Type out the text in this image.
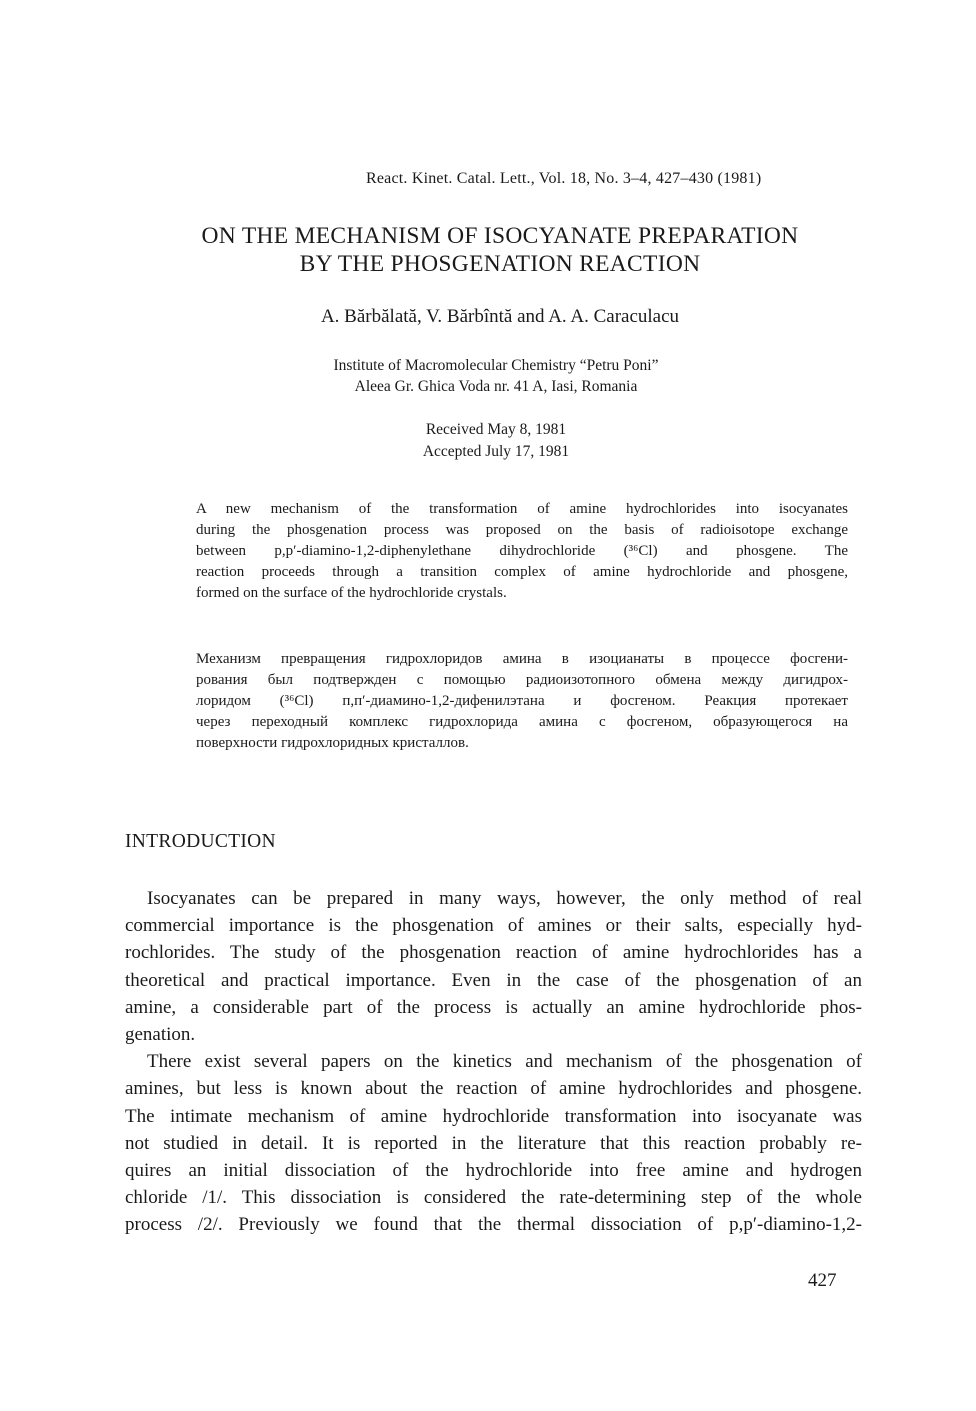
React. Kinet. Catal. Lett., Vol. 18, No. 3–4, 427–430 (1981)
ON THE MECHANISM OF ISOCYANATE PREPARATION
BY THE PHOSGENATION REACTION
A. Bărbălată, V. Bărbîntă and A. A. Caraculacu
Institute of Macromolecular Chemistry “Petru Poni”
Aleea Gr. Ghica Voda nr. 41 A, Iasi, Romania
Received May 8, 1981
Accepted July 17, 1981
A new mechanism of the transformation of amine hydrochlorides into isocyanates
during the phosgenation process was proposed on the basis of radioisotope exchange
between p,p′-diamino-1,2-diphenylethane dihydrochloride (³⁶Cl) and phosgene. The
reaction proceeds through a transition complex of amine hydrochloride and phosgene,
formed on the surface of the hydrochloride crystals.
Механизм превращения гидрохлоридов амина в изоцианаты в процессе фосгени-
рования был подтвержден с помощью радиоизотопного обмена между дигидрох-
лоридом (³⁶Cl) п,п′-диамино-1,2-дифенилэтана и фосгеном. Реакция протекает
через переходный комплекс гидрохлорида амина с фосгеном, образующегося на
поверхности гидрохлоридных кристаллов.
INTRODUCTION
Isocyanates can be prepared in many ways, however, the only method of real
commercial importance is the phosgenation of amines or their salts, especially hyd-
rochlorides. The study of the phosgenation reaction of amine hydrochlorides has a
theoretical and practical importance. Even in the case of the phosgenation of an
amine, a considerable part of the process is actually an amine hydrochloride phos-
genation.
There exist several papers on the kinetics and mechanism of the phosgenation of
amines, but less is known about the reaction of amine hydrochlorides and phosgene.
The intimate mechanism of amine hydrochloride transformation into isocyanate was
not studied in detail. It is reported in the literature that this reaction probably re-
quires an initial dissociation of the hydrochloride into free amine and hydrogen
chloride /1/. This dissociation is considered the rate-determining step of the whole
process /2/. Previously we found that the thermal dissociation of p,p′-diamino-1,2-
427
